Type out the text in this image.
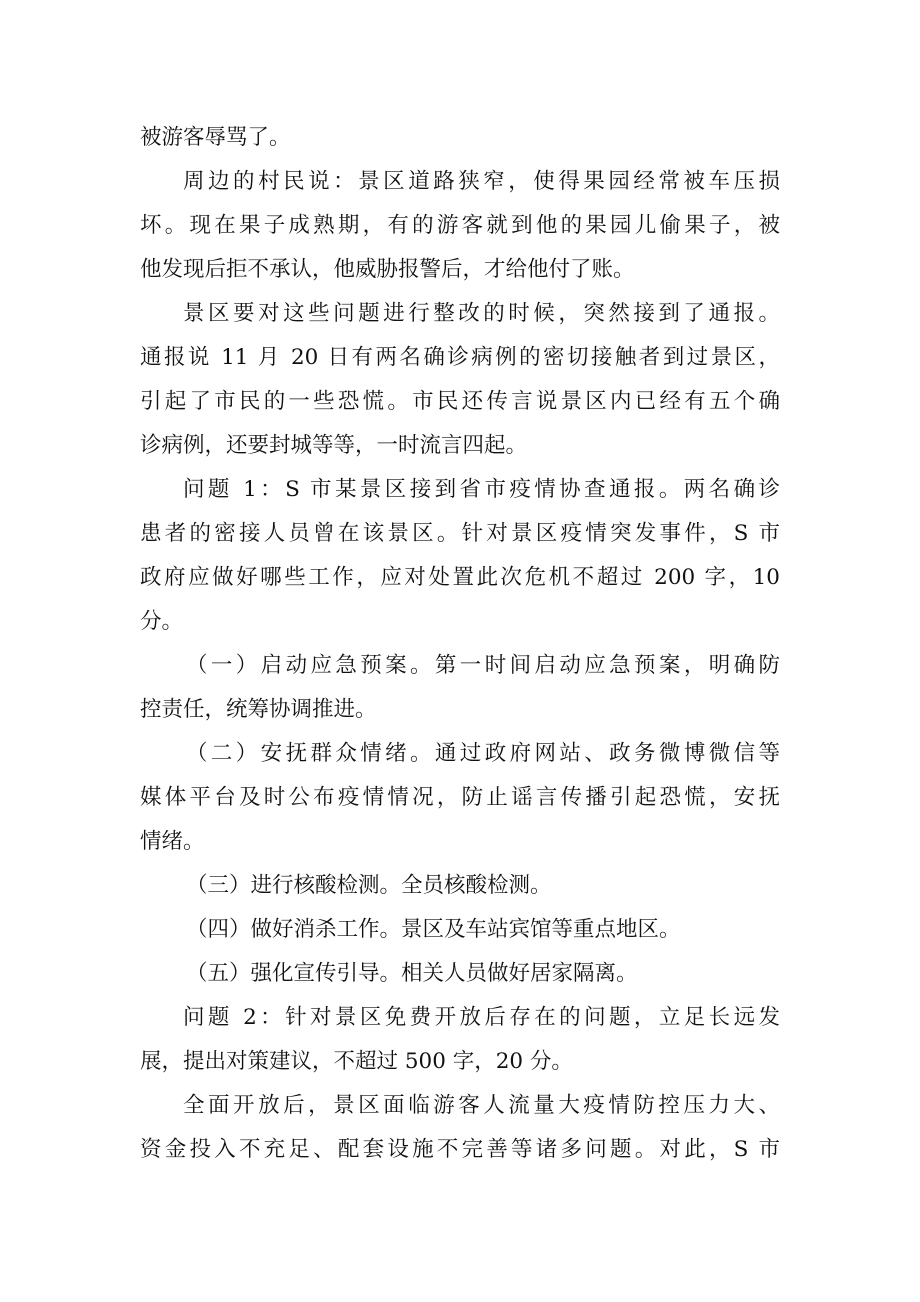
被游客辱骂了。

周边的村民说：景区道路狭窄，使得果园经常被车压损

坏。现在果子成熟期，有的游客就到他的果园儿偷果子，被

他发现后拒不承认，他威胁报警后，才给他付了账。

景区要对这些问题进行整改的时候，突然接到了通报。

通报说 11 月 20 日有两名确诊病例的密切接触者到过景区，

引起了市民的一些恐慌。市民还传言说景区内已经有五个确

诊病例，还要封城等等，一时流言四起。

问题 1：S 市某景区接到省市疫情协查通报。两名确诊

患者的密接人员曾在该景区。针对景区疫情突发事件，S 市

政府应做好哪些工作，应对处置此次危机不超过 200 字，10

分。

（一）启动应急预案。第一时间启动应急预案，明确防

控责任，统筹协调推进。

（二）安抚群众情绪。通过政府网站、政务微博微信等

媒体平台及时公布疫情情况，防止谣言传播引起恐慌，安抚

情绪。

（三）进行核酸检测。全员核酸检测。

（四）做好消杀工作。景区及车站宾馆等重点地区。

（五）强化宣传引导。相关人员做好居家隔离。

问题 2：针对景区免费开放后存在的问题，立足长远发

展，提出对策建议，不超过 500 字，20 分。

全面开放后，景区面临游客人流量大疫情防控压力大、

资金投入不充足、配套设施不完善等诸多问题。对此，S 市
